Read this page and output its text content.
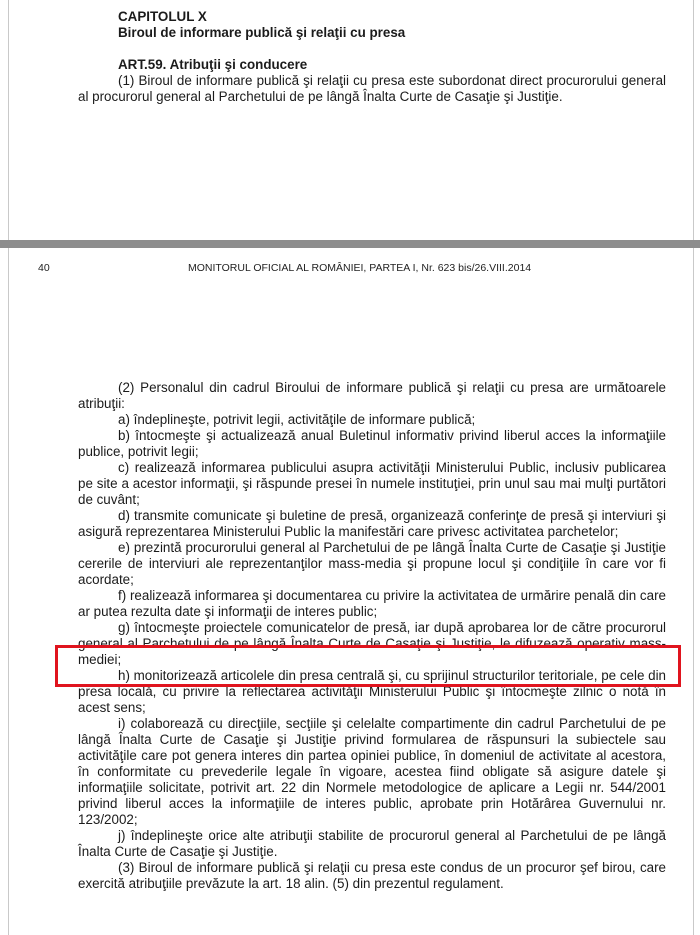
CAPITOLUL X

Biroul de informare publică şi relaţii cu presa

ART.59. Atribuţii şi conducere

(1) Biroul de informare publică şi relaţii cu presa este subordonat direct procurorului general al procurorul general al Parchetului de pe lângă Înalta Curte de Casaţie şi Justiţie.

40	MONITORUL OFICIAL AL ROMÂNIEI, PARTEA I, Nr. 623 bis/26.VIII.2014

(2) Personalul din cadrul Biroului de informare publică şi relaţii cu presa are următoarele atribuţii:

a) îndeplineşte, potrivit legii, activităţile de informare publică;

b) întocmeşte şi actualizează anual Buletinul informativ privind liberul acces la informaţiile publice, potrivit legii;

c) realizează informarea publicului asupra activităţii Ministerului Public, inclusiv publicarea pe site a acestor informaţii, şi răspunde presei în numele instituţiei, prin unul sau mai mulţi purtători de cuvânt;

d) transmite comunicate şi buletine de presă, organizează conferinţe de presă şi interviuri şi asigură reprezentarea Ministerului Public la manifestări care privesc activitatea parchetelor;

e) prezintă procurorului general al Parchetului de pe lângă Înalta Curte de Casaţie şi Justiţie cererile de interviuri ale reprezentanţilor mass-media şi propune locul şi condiţiile în care vor fi acordate;

f) realizează informarea şi documentarea cu privire la activitatea de urmărire penală din care ar putea rezulta date şi informaţii de interes public;

g) întocmeşte proiectele comunicatelor de presă, iar după aprobarea lor de către procurorul general al Parchetului de pe lângă Înalta Curte de Casaţie şi Justiţie, le difuzează operativ mass-mediei;

h) monitorizează articolele din presa centrală şi, cu sprijinul structurilor teritoriale, pe cele din presa locală, cu privire la reflectarea activităţii Ministerului Public şi întocmeşte zilnic o notă în acest sens;

i) colaborează cu direcţiile, secţiile şi celelalte compartimente din cadrul Parchetului de pe lângă Înalta Curte de Casaţie şi Justiţie privind formularea de răspunsuri la subiectele sau activităţile care pot genera interes din partea opiniei publice, în domeniul de activitate al acestora, în conformitate cu prevederile legale în vigoare, acestea fiind obligate să asigure datele şi informaţiile solicitate, potrivit art. 22 din Normele metodologice de aplicare a Legii nr. 544/2001 privind liberul acces la informaţiile de interes public, aprobate prin Hotărârea Guvernului nr. 123/2002;

j) îndeplineşte orice alte atribuţii stabilite de procurorul general al Parchetului de pe lângă Înalta Curte de Casaţie şi Justiţie.

(3) Biroul de informare publică şi relaţii cu presa este condus de un procuror şef birou, care exercită atribuţiile prevăzute la art. 18 alin. (5) din prezentul regulament.
